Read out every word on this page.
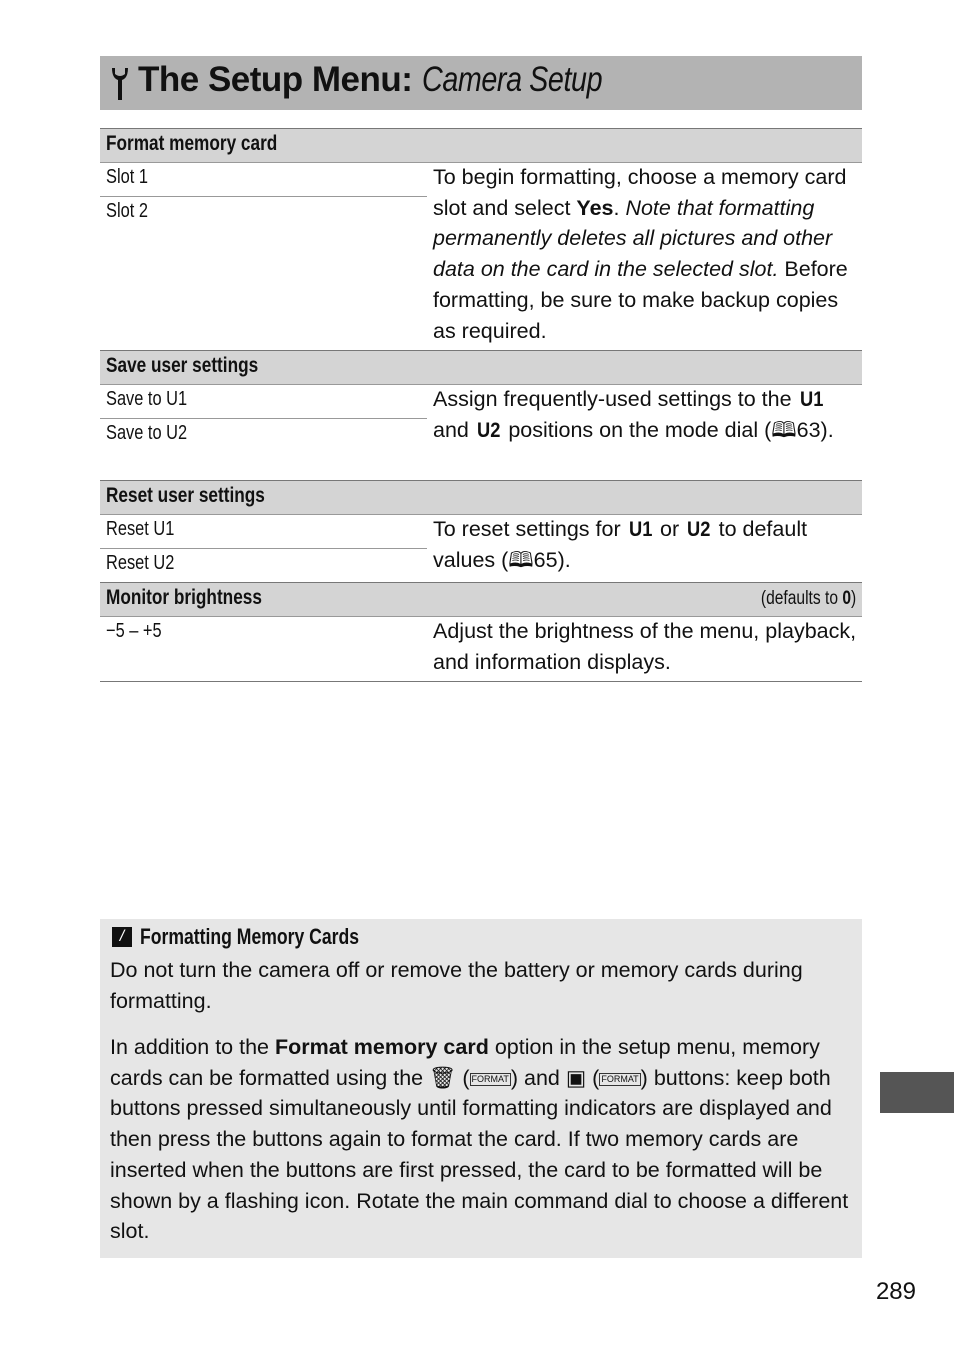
The Setup Menu: Camera Setup
Format memory card
Slot 1
Slot 2
To begin formatting, choose a memory card slot and select Yes. Note that formatting permanently deletes all pictures and other data on the card in the selected slot. Before formatting, be sure to make backup copies as required.
Save user settings
Save to U1
Save to U2
Assign frequently-used settings to the U1 and U2 positions on the mode dial (🕮63).
Reset user settings
Reset U1
Reset U2
To reset settings for U1 or U2 to default values (🕮65).
Monitor brightness	(defaults to 0)
−5 – +5	Adjust the brightness of the menu, playback, and information displays.
/ Formatting Memory Cards

Do not turn the camera off or remove the battery or memory cards during formatting.

In addition to the Format memory card option in the setup menu, memory cards can be formatted using the 🗑 ( FORMAT) and ▣ ( FORMAT) buttons: keep both buttons pressed simultaneously until formatting indicators are displayed and then press the buttons again to format the card. If two memory cards are inserted when the buttons are first pressed, the card to be formatted will be shown by a flashing icon. Rotate the main command dial to choose a different slot.

289
